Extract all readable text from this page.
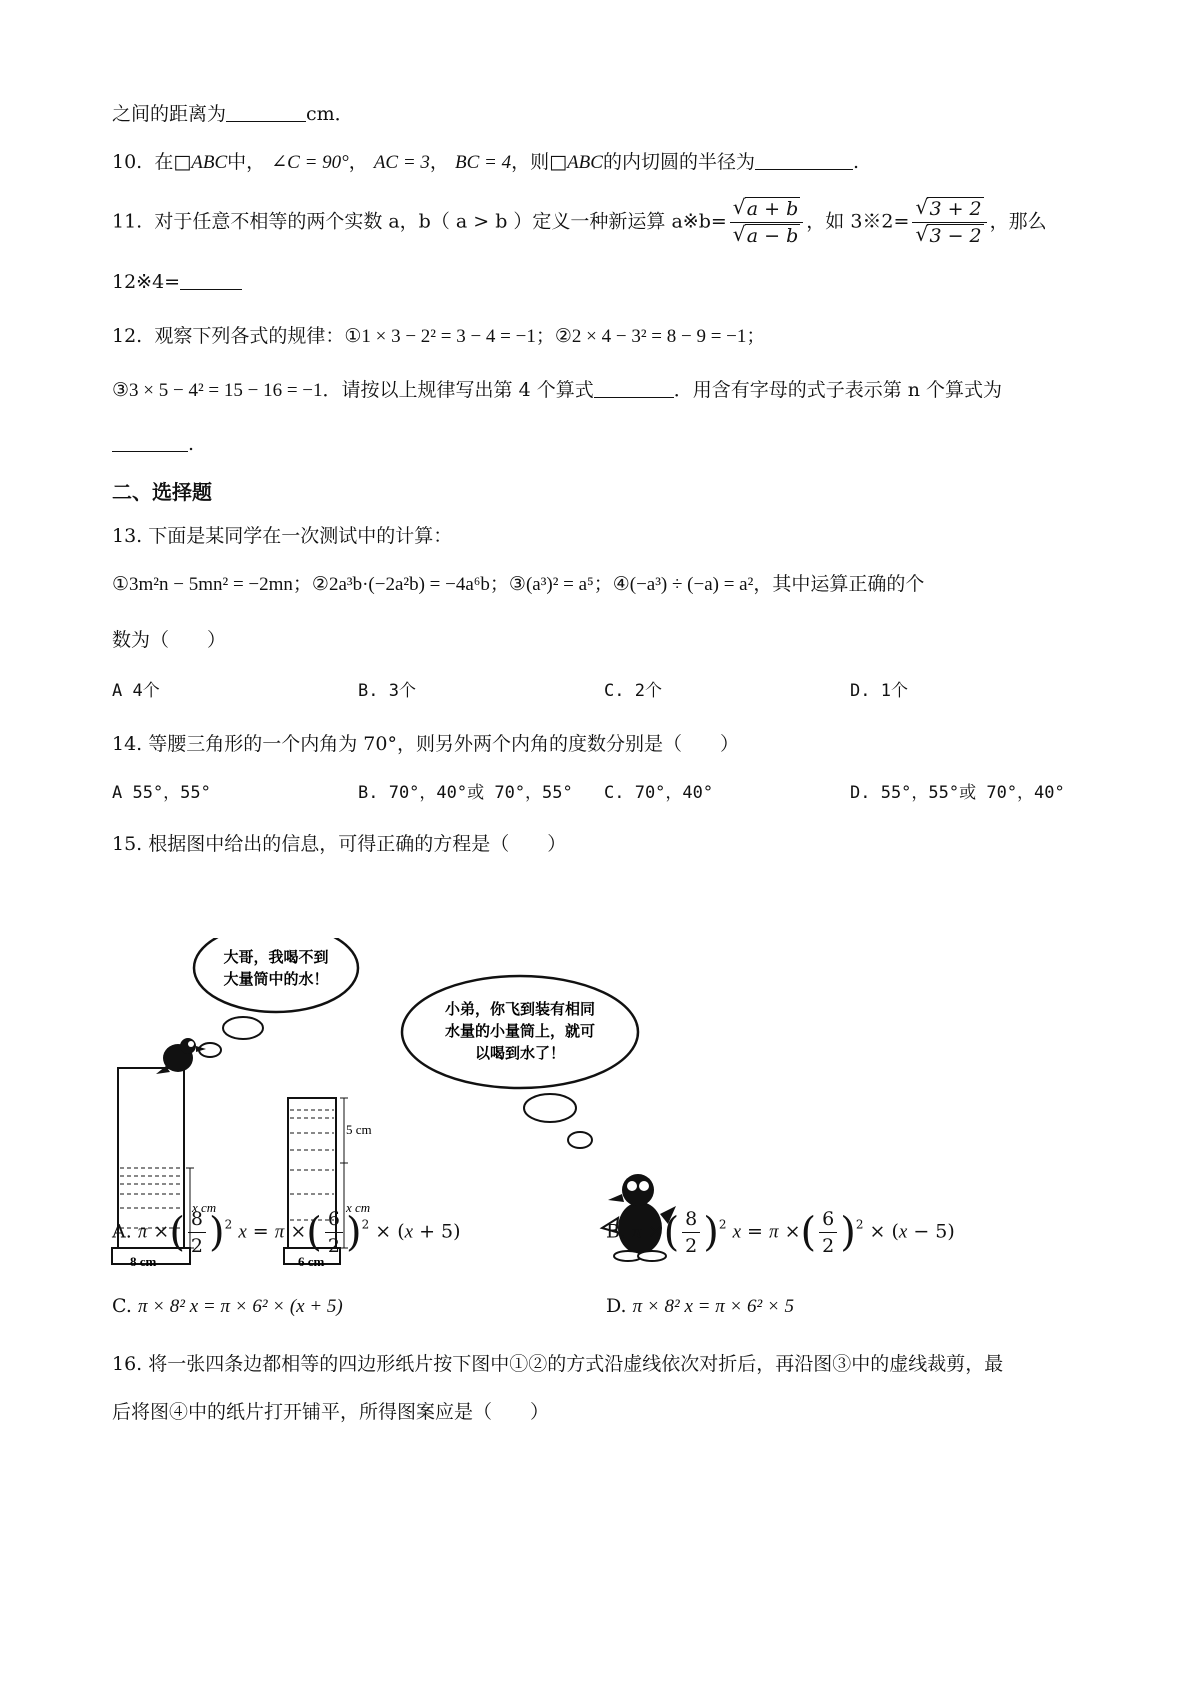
之间的距离为	cm．
10. 在□ABC中， ∠C = 90°， AC = 3， BC = 4，则□ABC的内切圆的半径为	.
11. 对于任意不相等的两个实数 a，b（ a > b ）定义一种新运算 a※b= $\frac{√ a + b}{√ a - b}$ ，如 3※2= $\frac{√ 3 + 2}{√ 3 - 2}$ ，那么
12※4=
12. 观察下列各式的规律：①1 × 3 − 2² = 3 − 4 = −1；②2 × 4 − 3² = 8 − 9 = −1；
③3 × 5 − 4² = 15 − 16 = −1．请按以上规律写出第 4 个算式	．用含有字母的式子表示第 n 个算式为
.
二、选择题
13. 下面是某同学在一次测试中的计算：
①3m²n − 5mn² = −2mn；②2a³b·(−2a²b) = −4a⁶b；③(a³)² = a⁵；④(−a³) ÷ (−a) = a²，其中运算正确的个
数为（　　）
A 4个	B. 3个	C. 2个	D. 1个
14. 等腰三角形的一个内角为 70°，则另外两个内角的度数分别是（　　）
A 55°，55°	B. 70°，40°或 70°，55° C. 70°，40°	D. 55°，55°或 70°，40°
15. 根据图中给出的信息，可得正确的方程是（　　）
大哥，我喝不到
大量筒中的水！
x cm
8 cm
5 cm
x cm
6 cm
小弟，你飞到装有相同
水量的小量筒上，就可
以喝到水了！
A. π ×( $\frac{8}{2} )^2$ x = π ×( $\frac{6}{2} )^2 \times (x + 5)$	B. π ×( $\frac{8}{2} )^2$ x = π ×( $\frac{6}{2} )^2 \times (x - 5)$
C. π × 8² x = π × 6² × (x + 5)	D. π × 8² x = π × 6² × 5
16. 将一张四条边都相等的四边形纸片按下图中①②的方式沿虚线依次对折后，再沿图③中的虚线裁剪，最
后将图④中的纸片打开铺平，所得图案应是（　　）
